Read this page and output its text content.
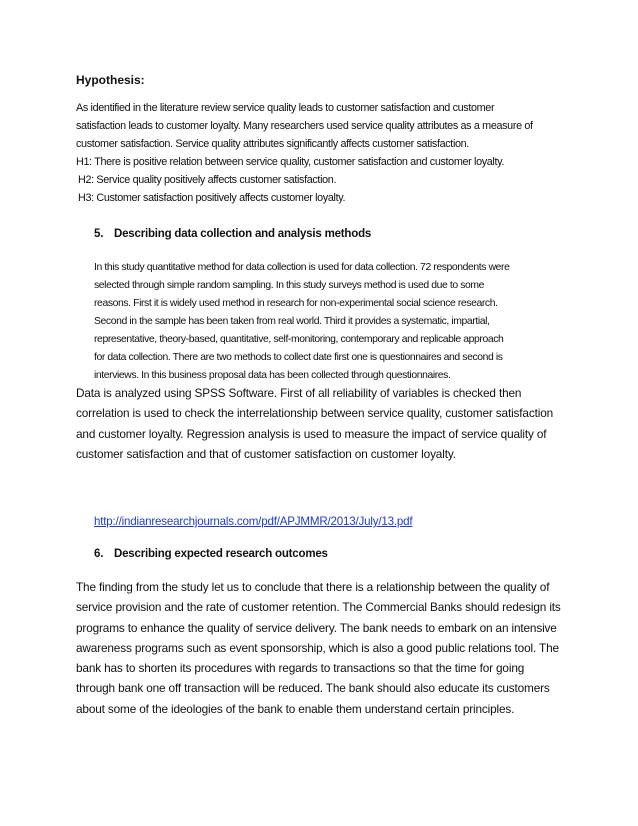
Hypothesis:

As identified in the literature review service quality leads to customer satisfaction and customer

satisfaction leads to customer loyalty. Many researchers used service quality attributes as a measure of

customer satisfaction. Service quality attributes significantly affects customer satisfaction.

H1: There is positive relation between service quality, customer satisfaction and customer loyalty.

H2: Service quality positively affects customer satisfaction.

H3: Customer satisfaction positively affects customer loyalty.

5. Describing data collection and analysis methods

In this study quantitative method for data collection is used for data collection. 72 respondents were

selected through simple random sampling. In this study surveys method is used due to some

reasons. First it is widely used method in research for non-experimental social science research.

Second in the sample has been taken from real world. Third it provides a systematic, impartial,

representative, theory-based, quantitative, self-monitoring, contemporary and replicable approach

for data collection. There are two methods to collect date first one is questionnaires and second is

interviews. In this business proposal data has been collected through questionnaires.

Data is analyzed using SPSS Software. First of all reliability of variables is checked then

correlation is used to check the interrelationship between service quality, customer satisfaction

and customer loyalty. Regression analysis is used to measure the impact of service quality of

customer satisfaction and that of customer satisfaction on customer loyalty.

http://indianresearchjournals.com/pdf/APJMMR/2013/July/13.pdf
6. Describing expected research outcomes

The finding from the study let us to conclude that there is a relationship between the quality of

service provision and the rate of customer retention. The Commercial Banks should redesign its

programs to enhance the quality of service delivery. The bank needs to embark on an intensive

awareness programs such as event sponsorship, which is also a good public relations tool. The

bank has to shorten its procedures with regards to transactions so that the time for going

through bank one off transaction will be reduced. The bank should also educate its customers

about some of the ideologies of the bank to enable them understand certain principles.
